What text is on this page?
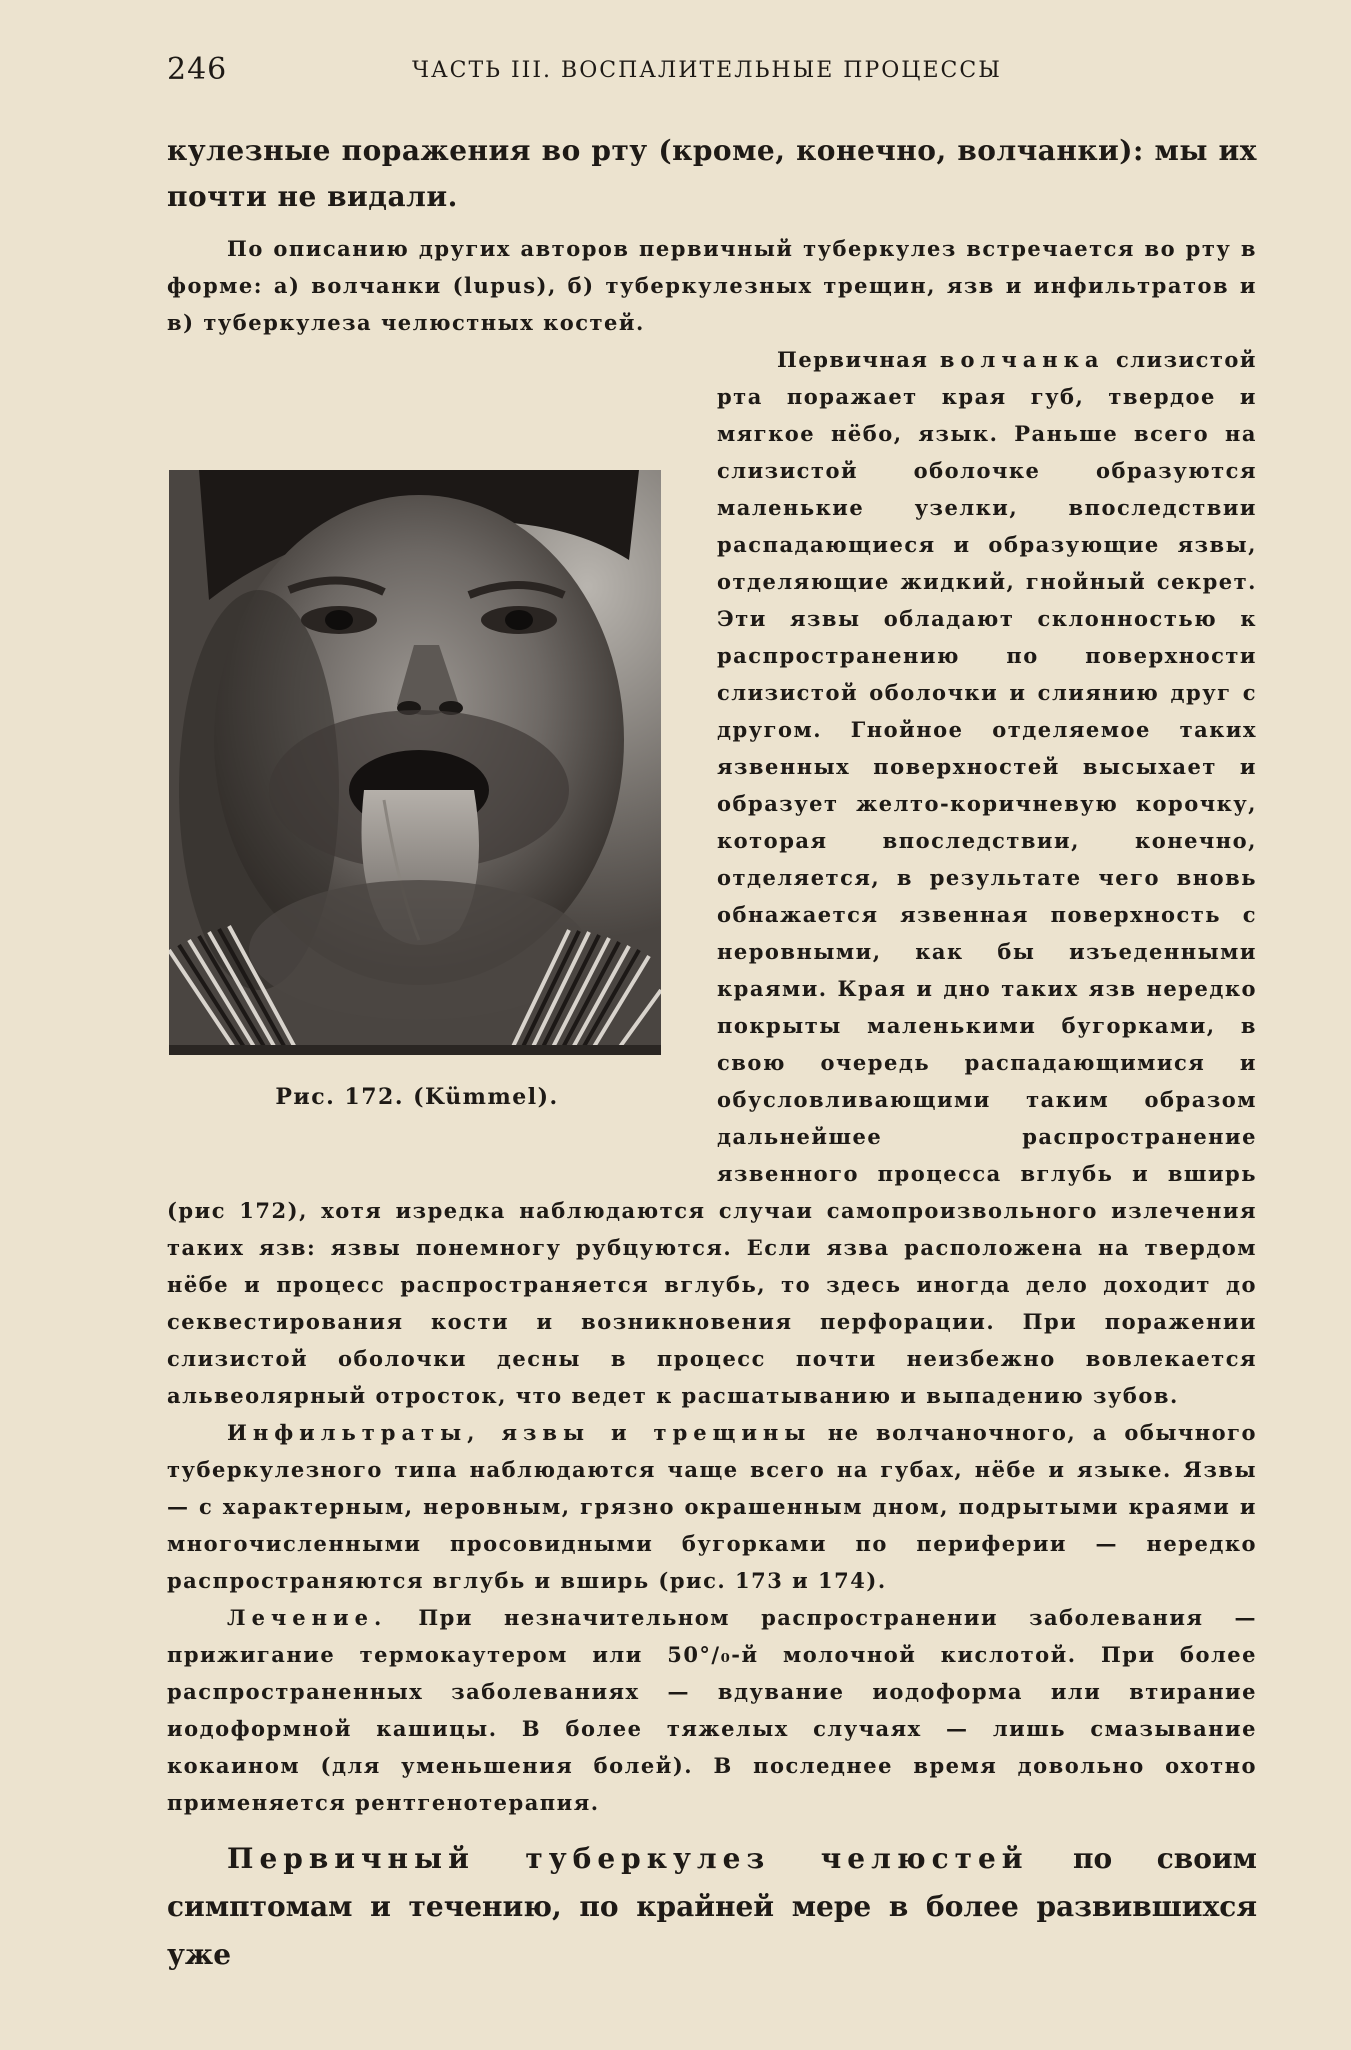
246	ЧАСТЬ III. ВОСПАЛИТЕЛЬНЫЕ ПРОЦЕССЫ

кулезные поражения во рту (кроме, конечно, волчанки): мы их почти не видали.

По описанию других авторов первичный туберкулез встречается во рту в форме: а) волчанки (lupus), б) туберкулезных трещин, язв и инфильтратов и в) туберкулеза челюстных костей.

Первичная волчанка слизистой рта поражает края губ, твердое и мягкое нёбо, язык. Раньше всего на слизистой оболочке образуются маленькие узелки, впоследствии распадающиеся и образующие язвы, отделяющие жидкий, гнойный секрет. Эти язвы обладают склонностью к распространению по поверхности слизистой оболочки и слиянию друг с другом. Гнойное отделяемое таких язвенных поверхностей высыхает и образует желто-коричневую корочку, которая впоследствии, конечно, отделяется, в результате чего вновь обнажается язвенная поверхность с неровными, как бы изъеденными краями. Края и дно таких язв нередко покрыты маленькими бугорками, в свою очередь распадающимися и обусловливающими таким образом дальнейшее распространение язвенного процесса вглубь и вширь (рис 172), хотя изредка наблюдаются случаи самопроизвольного излечения таких язв: язвы понемногу рубцуются. Если язва расположена на твердом нёбе и процесс распространяется вглубь, то здесь иногда дело доходит до секвестирования кости и возникновения перфорации. При поражении слизистой оболочки десны в процесс почти неизбежно вовлекается альвеолярный отросток, что ведет к расшатыванию и выпадению зубов.

Инфильтраты, язвы и трещины не волчаночного, а обычного туберкулезного типа наблюдаются чаще всего на губах, нёбе и языке. Язвы — с характерным, неровным, грязно окрашенным дном, подрытыми краями и многочисленными просовидными бугорками по периферии — нередко распространяются вглубь и вширь (рис. 173 и 174).

Лечение. При незначительном распространении заболевания — прижигание термокаутером или 50°/₀-й молочной кислотой. При более распространенных заболеваниях — вдувание иодоформа или втирание иодоформной кашицы. В более тяжелых случаях — лишь смазывание кокаином (для уменьшения болей). В последнее время довольно охотно применяется рентгенотерапия.

Первичный туберкулез челюстей по своим симптомам и течению, по крайней мере в более развившихся уже

Рис. 172. (Kümmel).
